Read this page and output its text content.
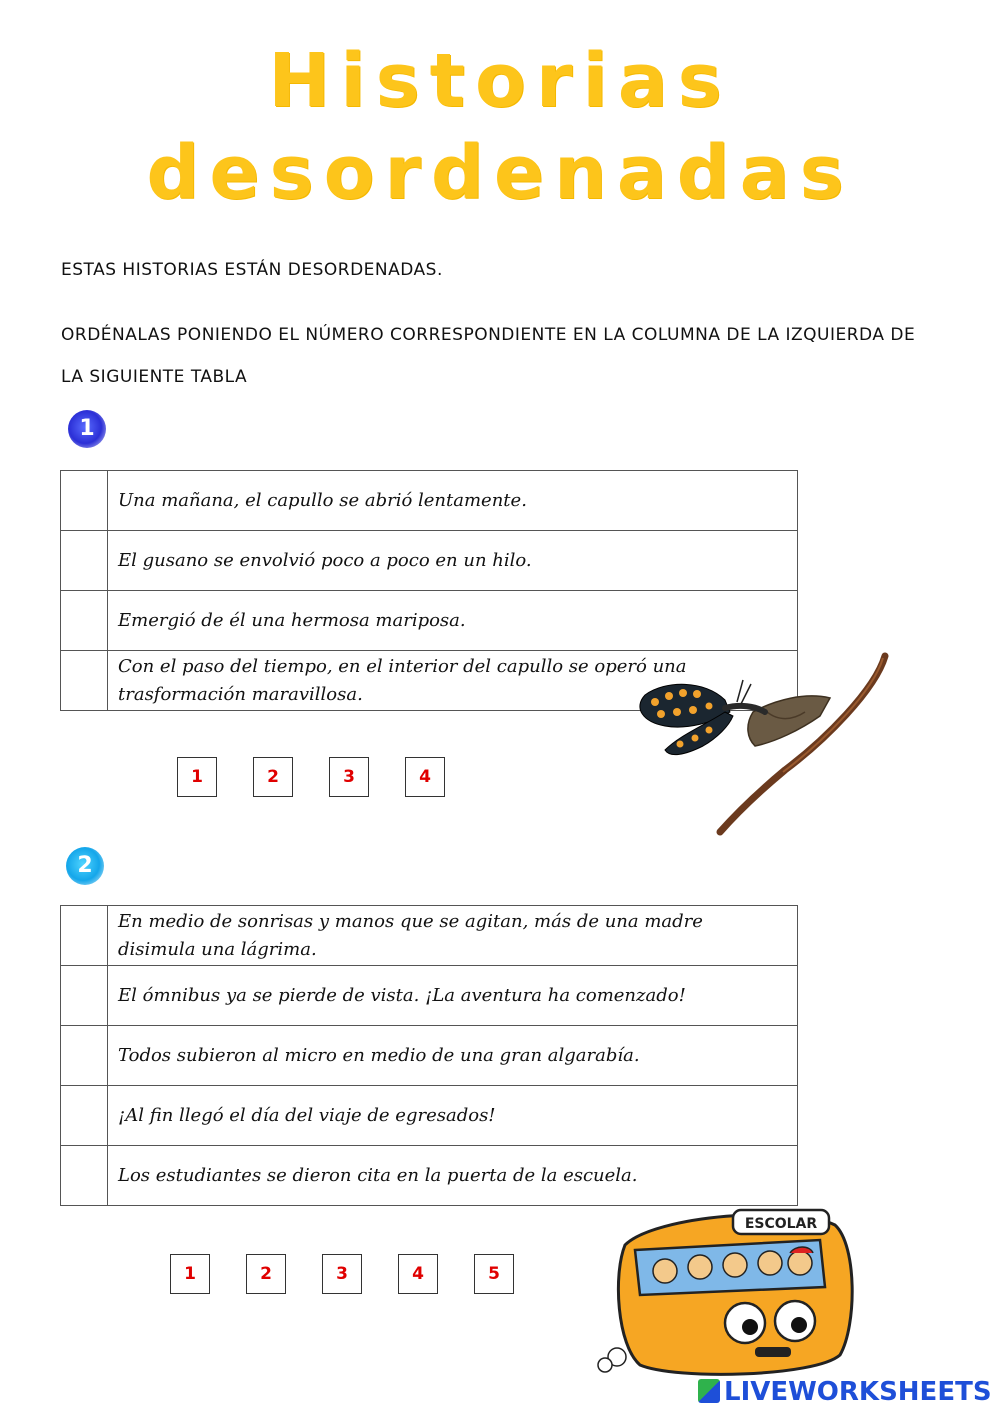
Historias
desordenadas
ESTAS HISTORIAS ESTÁN DESORDENADAS.
ORDÉNALAS PONIENDO EL NÚMERO CORRESPONDIENTE EN LA COLUMNA DE LA IZQUIERDA DE LA SIGUIENTE TABLA
1
	Una mañana, el capullo se abrió lentamente.
	El gusano se envolvió poco a poco en un hilo.
	Emergió de él una hermosa mariposa.
	Con el paso del tiempo, en el interior del capullo se operó una trasformación maravillosa.
1	2	3	4
2
	En medio de sonrisas y manos que se agitan, más de una madre disimula una lágrima.
	El ómnibus ya se pierde de vista. ¡La aventura ha comenzado!
	Todos subieron al micro en medio de una gran algarabía.
	¡Al fin llegó el día del viaje de egresados!
	Los estudiantes se dieron cita en la puerta de la escuela.
1	2	3	4	5
ESCOLAR
LIVEWORKSHEETS
